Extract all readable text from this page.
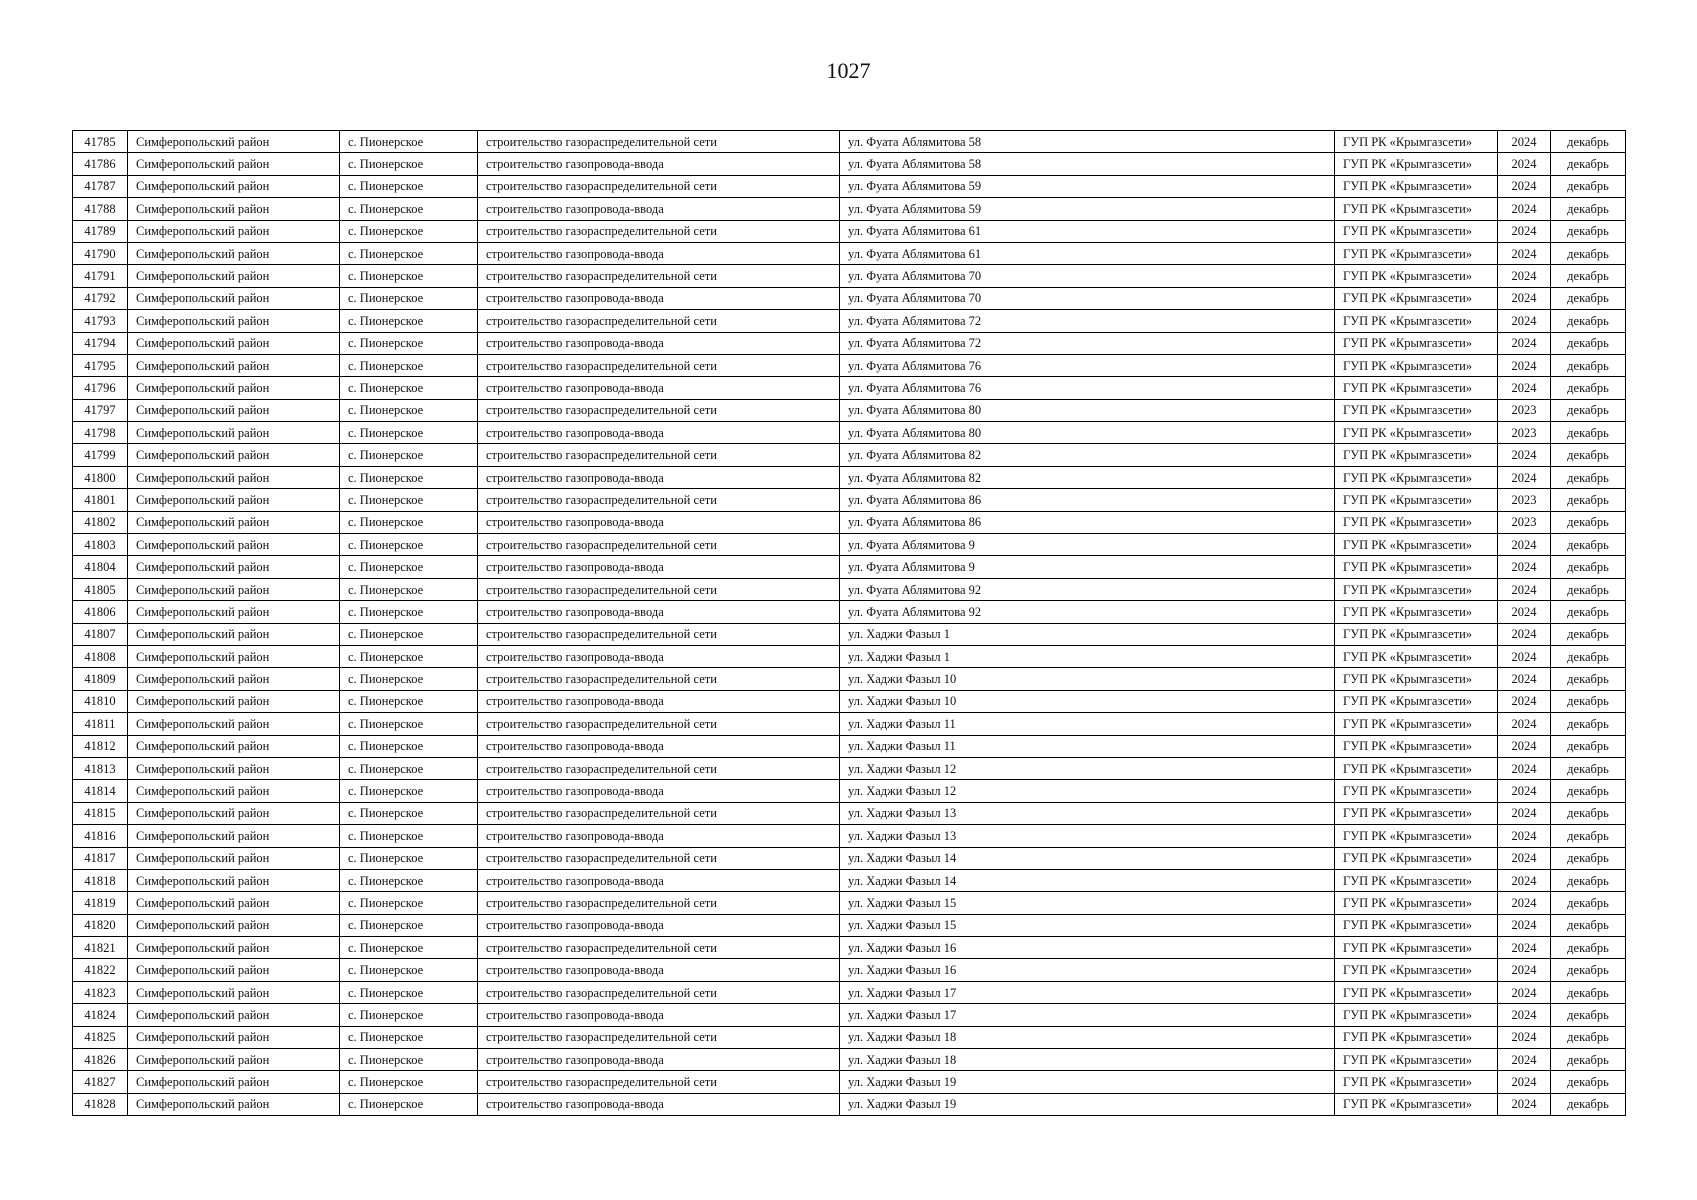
1027
41785	Симферопольский район	с. Пионерское	строительство газораспределительной сети	ул. Фуата Аблямитова 58	ГУП РК «Крымгазсети»	2024	декабрь
41786	Симферопольский район	с. Пионерское	строительство газопровода-ввода	ул. Фуата Аблямитова 58	ГУП РК «Крымгазсети»	2024	декабрь
41787	Симферопольский район	с. Пионерское	строительство газораспределительной сети	ул. Фуата Аблямитова 59	ГУП РК «Крымгазсети»	2024	декабрь
41788	Симферопольский район	с. Пионерское	строительство газопровода-ввода	ул. Фуата Аблямитова 59	ГУП РК «Крымгазсети»	2024	декабрь
41789	Симферопольский район	с. Пионерское	строительство газораспределительной сети	ул. Фуата Аблямитова 61	ГУП РК «Крымгазсети»	2024	декабрь
41790	Симферопольский район	с. Пионерское	строительство газопровода-ввода	ул. Фуата Аблямитова 61	ГУП РК «Крымгазсети»	2024	декабрь
41791	Симферопольский район	с. Пионерское	строительство газораспределительной сети	ул. Фуата Аблямитова 70	ГУП РК «Крымгазсети»	2024	декабрь
41792	Симферопольский район	с. Пионерское	строительство газопровода-ввода	ул. Фуата Аблямитова 70	ГУП РК «Крымгазсети»	2024	декабрь
41793	Симферопольский район	с. Пионерское	строительство газораспределительной сети	ул. Фуата Аблямитова 72	ГУП РК «Крымгазсети»	2024	декабрь
41794	Симферопольский район	с. Пионерское	строительство газопровода-ввода	ул. Фуата Аблямитова 72	ГУП РК «Крымгазсети»	2024	декабрь
41795	Симферопольский район	с. Пионерское	строительство газораспределительной сети	ул. Фуата Аблямитова 76	ГУП РК «Крымгазсети»	2024	декабрь
41796	Симферопольский район	с. Пионерское	строительство газопровода-ввода	ул. Фуата Аблямитова 76	ГУП РК «Крымгазсети»	2024	декабрь
41797	Симферопольский район	с. Пионерское	строительство газораспределительной сети	ул. Фуата Аблямитова 80	ГУП РК «Крымгазсети»	2023	декабрь
41798	Симферопольский район	с. Пионерское	строительство газопровода-ввода	ул. Фуата Аблямитова 80	ГУП РК «Крымгазсети»	2023	декабрь
41799	Симферопольский район	с. Пионерское	строительство газораспределительной сети	ул. Фуата Аблямитова 82	ГУП РК «Крымгазсети»	2024	декабрь
41800	Симферопольский район	с. Пионерское	строительство газопровода-ввода	ул. Фуата Аблямитова 82	ГУП РК «Крымгазсети»	2024	декабрь
41801	Симферопольский район	с. Пионерское	строительство газораспределительной сети	ул. Фуата Аблямитова 86	ГУП РК «Крымгазсети»	2023	декабрь
41802	Симферопольский район	с. Пионерское	строительство газопровода-ввода	ул. Фуата Аблямитова 86	ГУП РК «Крымгазсети»	2023	декабрь
41803	Симферопольский район	с. Пионерское	строительство газораспределительной сети	ул. Фуата Аблямитова 9	ГУП РК «Крымгазсети»	2024	декабрь
41804	Симферопольский район	с. Пионерское	строительство газопровода-ввода	ул. Фуата Аблямитова 9	ГУП РК «Крымгазсети»	2024	декабрь
41805	Симферопольский район	с. Пионерское	строительство газораспределительной сети	ул. Фуата Аблямитова 92	ГУП РК «Крымгазсети»	2024	декабрь
41806	Симферопольский район	с. Пионерское	строительство газопровода-ввода	ул. Фуата Аблямитова 92	ГУП РК «Крымгазсети»	2024	декабрь
41807	Симферопольский район	с. Пионерское	строительство газораспределительной сети	ул. Хаджи Фазыл 1	ГУП РК «Крымгазсети»	2024	декабрь
41808	Симферопольский район	с. Пионерское	строительство газопровода-ввода	ул. Хаджи Фазыл 1	ГУП РК «Крымгазсети»	2024	декабрь
41809	Симферопольский район	с. Пионерское	строительство газораспределительной сети	ул. Хаджи Фазыл 10	ГУП РК «Крымгазсети»	2024	декабрь
41810	Симферопольский район	с. Пионерское	строительство газопровода-ввода	ул. Хаджи Фазыл 10	ГУП РК «Крымгазсети»	2024	декабрь
41811	Симферопольский район	с. Пионерское	строительство газораспределительной сети	ул. Хаджи Фазыл 11	ГУП РК «Крымгазсети»	2024	декабрь
41812	Симферопольский район	с. Пионерское	строительство газопровода-ввода	ул. Хаджи Фазыл 11	ГУП РК «Крымгазсети»	2024	декабрь
41813	Симферопольский район	с. Пионерское	строительство газораспределительной сети	ул. Хаджи Фазыл 12	ГУП РК «Крымгазсети»	2024	декабрь
41814	Симферопольский район	с. Пионерское	строительство газопровода-ввода	ул. Хаджи Фазыл 12	ГУП РК «Крымгазсети»	2024	декабрь
41815	Симферопольский район	с. Пионерское	строительство газораспределительной сети	ул. Хаджи Фазыл 13	ГУП РК «Крымгазсети»	2024	декабрь
41816	Симферопольский район	с. Пионерское	строительство газопровода-ввода	ул. Хаджи Фазыл 13	ГУП РК «Крымгазсети»	2024	декабрь
41817	Симферопольский район	с. Пионерское	строительство газораспределительной сети	ул. Хаджи Фазыл 14	ГУП РК «Крымгазсети»	2024	декабрь
41818	Симферопольский район	с. Пионерское	строительство газопровода-ввода	ул. Хаджи Фазыл 14	ГУП РК «Крымгазсети»	2024	декабрь
41819	Симферопольский район	с. Пионерское	строительство газораспределительной сети	ул. Хаджи Фазыл 15	ГУП РК «Крымгазсети»	2024	декабрь
41820	Симферопольский район	с. Пионерское	строительство газопровода-ввода	ул. Хаджи Фазыл 15	ГУП РК «Крымгазсети»	2024	декабрь
41821	Симферопольский район	с. Пионерское	строительство газораспределительной сети	ул. Хаджи Фазыл 16	ГУП РК «Крымгазсети»	2024	декабрь
41822	Симферопольский район	с. Пионерское	строительство газопровода-ввода	ул. Хаджи Фазыл 16	ГУП РК «Крымгазсети»	2024	декабрь
41823	Симферопольский район	с. Пионерское	строительство газораспределительной сети	ул. Хаджи Фазыл 17	ГУП РК «Крымгазсети»	2024	декабрь
41824	Симферопольский район	с. Пионерское	строительство газопровода-ввода	ул. Хаджи Фазыл 17	ГУП РК «Крымгазсети»	2024	декабрь
41825	Симферопольский район	с. Пионерское	строительство газораспределительной сети	ул. Хаджи Фазыл 18	ГУП РК «Крымгазсети»	2024	декабрь
41826	Симферопольский район	с. Пионерское	строительство газопровода-ввода	ул. Хаджи Фазыл 18	ГУП РК «Крымгазсети»	2024	декабрь
41827	Симферопольский район	с. Пионерское	строительство газораспределительной сети	ул. Хаджи Фазыл 19	ГУП РК «Крымгазсети»	2024	декабрь
41828	Симферопольский район	с. Пионерское	строительство газопровода-ввода	ул. Хаджи Фазыл 19	ГУП РК «Крымгазсети»	2024	декабрь
